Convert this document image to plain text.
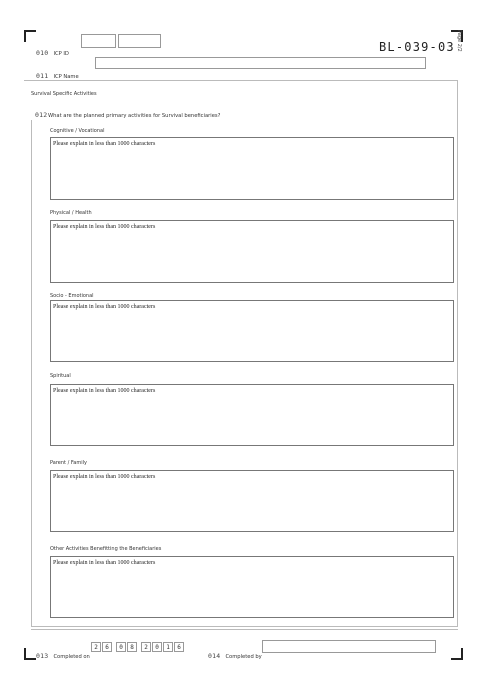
010 ICP ID	BL-039-03 Page 2/2
011 ICP Name
Survival Specific Activities
012 What are the planned primary activities for Survival beneficiaries?
Cognitive / Vocational
Please explain in less than 1000 characters
Physical / Health
Please explain in less than 1000 characters
Socio - Emotional
Please explain in less than 1000 characters
Spiritual
Please explain in less than 1000 characters
Parent / Family
Please explain in less than 1000 characters
Other Activities Benefitting the Beneficiaries
Please explain in less than 1000 characters
013 Completed on
2	6	0	8	2	0	1	6
014 Completed by
